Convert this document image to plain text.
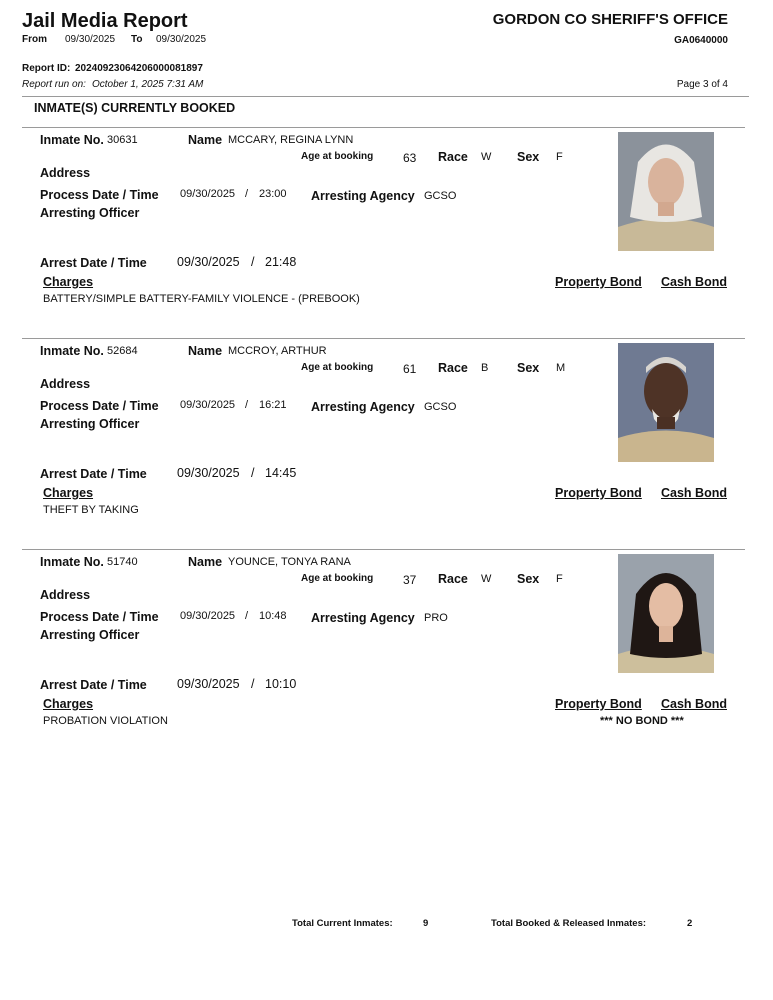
Jail Media Report	GORDON CO SHERIFF'S OFFICE
From 09/30/2025 To 09/30/2025	GA0640000
Report ID: 20240923064206000081897
Report run on: October 1, 2025 7:31 AM	Page 3 of 4
INMATE(S) CURRENTLY BOOKED
Inmate No. 30631	Name MCCARY, REGINA LYNN
Age at booking 63 Race W Sex F
Address
Process Date / Time 09/30/2025 / 23:00 Arresting Agency GCSO
Arresting Officer
Arrest Date / Time 09/30/2025 / 21:48
Charges	Property Bond Cash Bond
BATTERY/SIMPLE BATTERY-FAMILY VIOLENCE - (PREBOOK)
Inmate No. 52684	Name MCCROY, ARTHUR
Age at booking 61 Race B Sex M
Address
Process Date / Time 09/30/2025 / 16:21 Arresting Agency GCSO
Arresting Officer
Arrest Date / Time 09/30/2025 / 14:45
Charges	Property Bond Cash Bond
THEFT BY TAKING
Inmate No. 51740	Name YOUNCE, TONYA RANA
Age at booking 37 Race W Sex F
Address
Process Date / Time 09/30/2025 / 10:48 Arresting Agency PRO
Arresting Officer
Arrest Date / Time 09/30/2025 / 10:10
Charges	Property Bond Cash Bond
PROBATION VIOLATION	*** NO BOND ***
Total Current Inmates:	9	Total Booked & Released Inmates:	2
